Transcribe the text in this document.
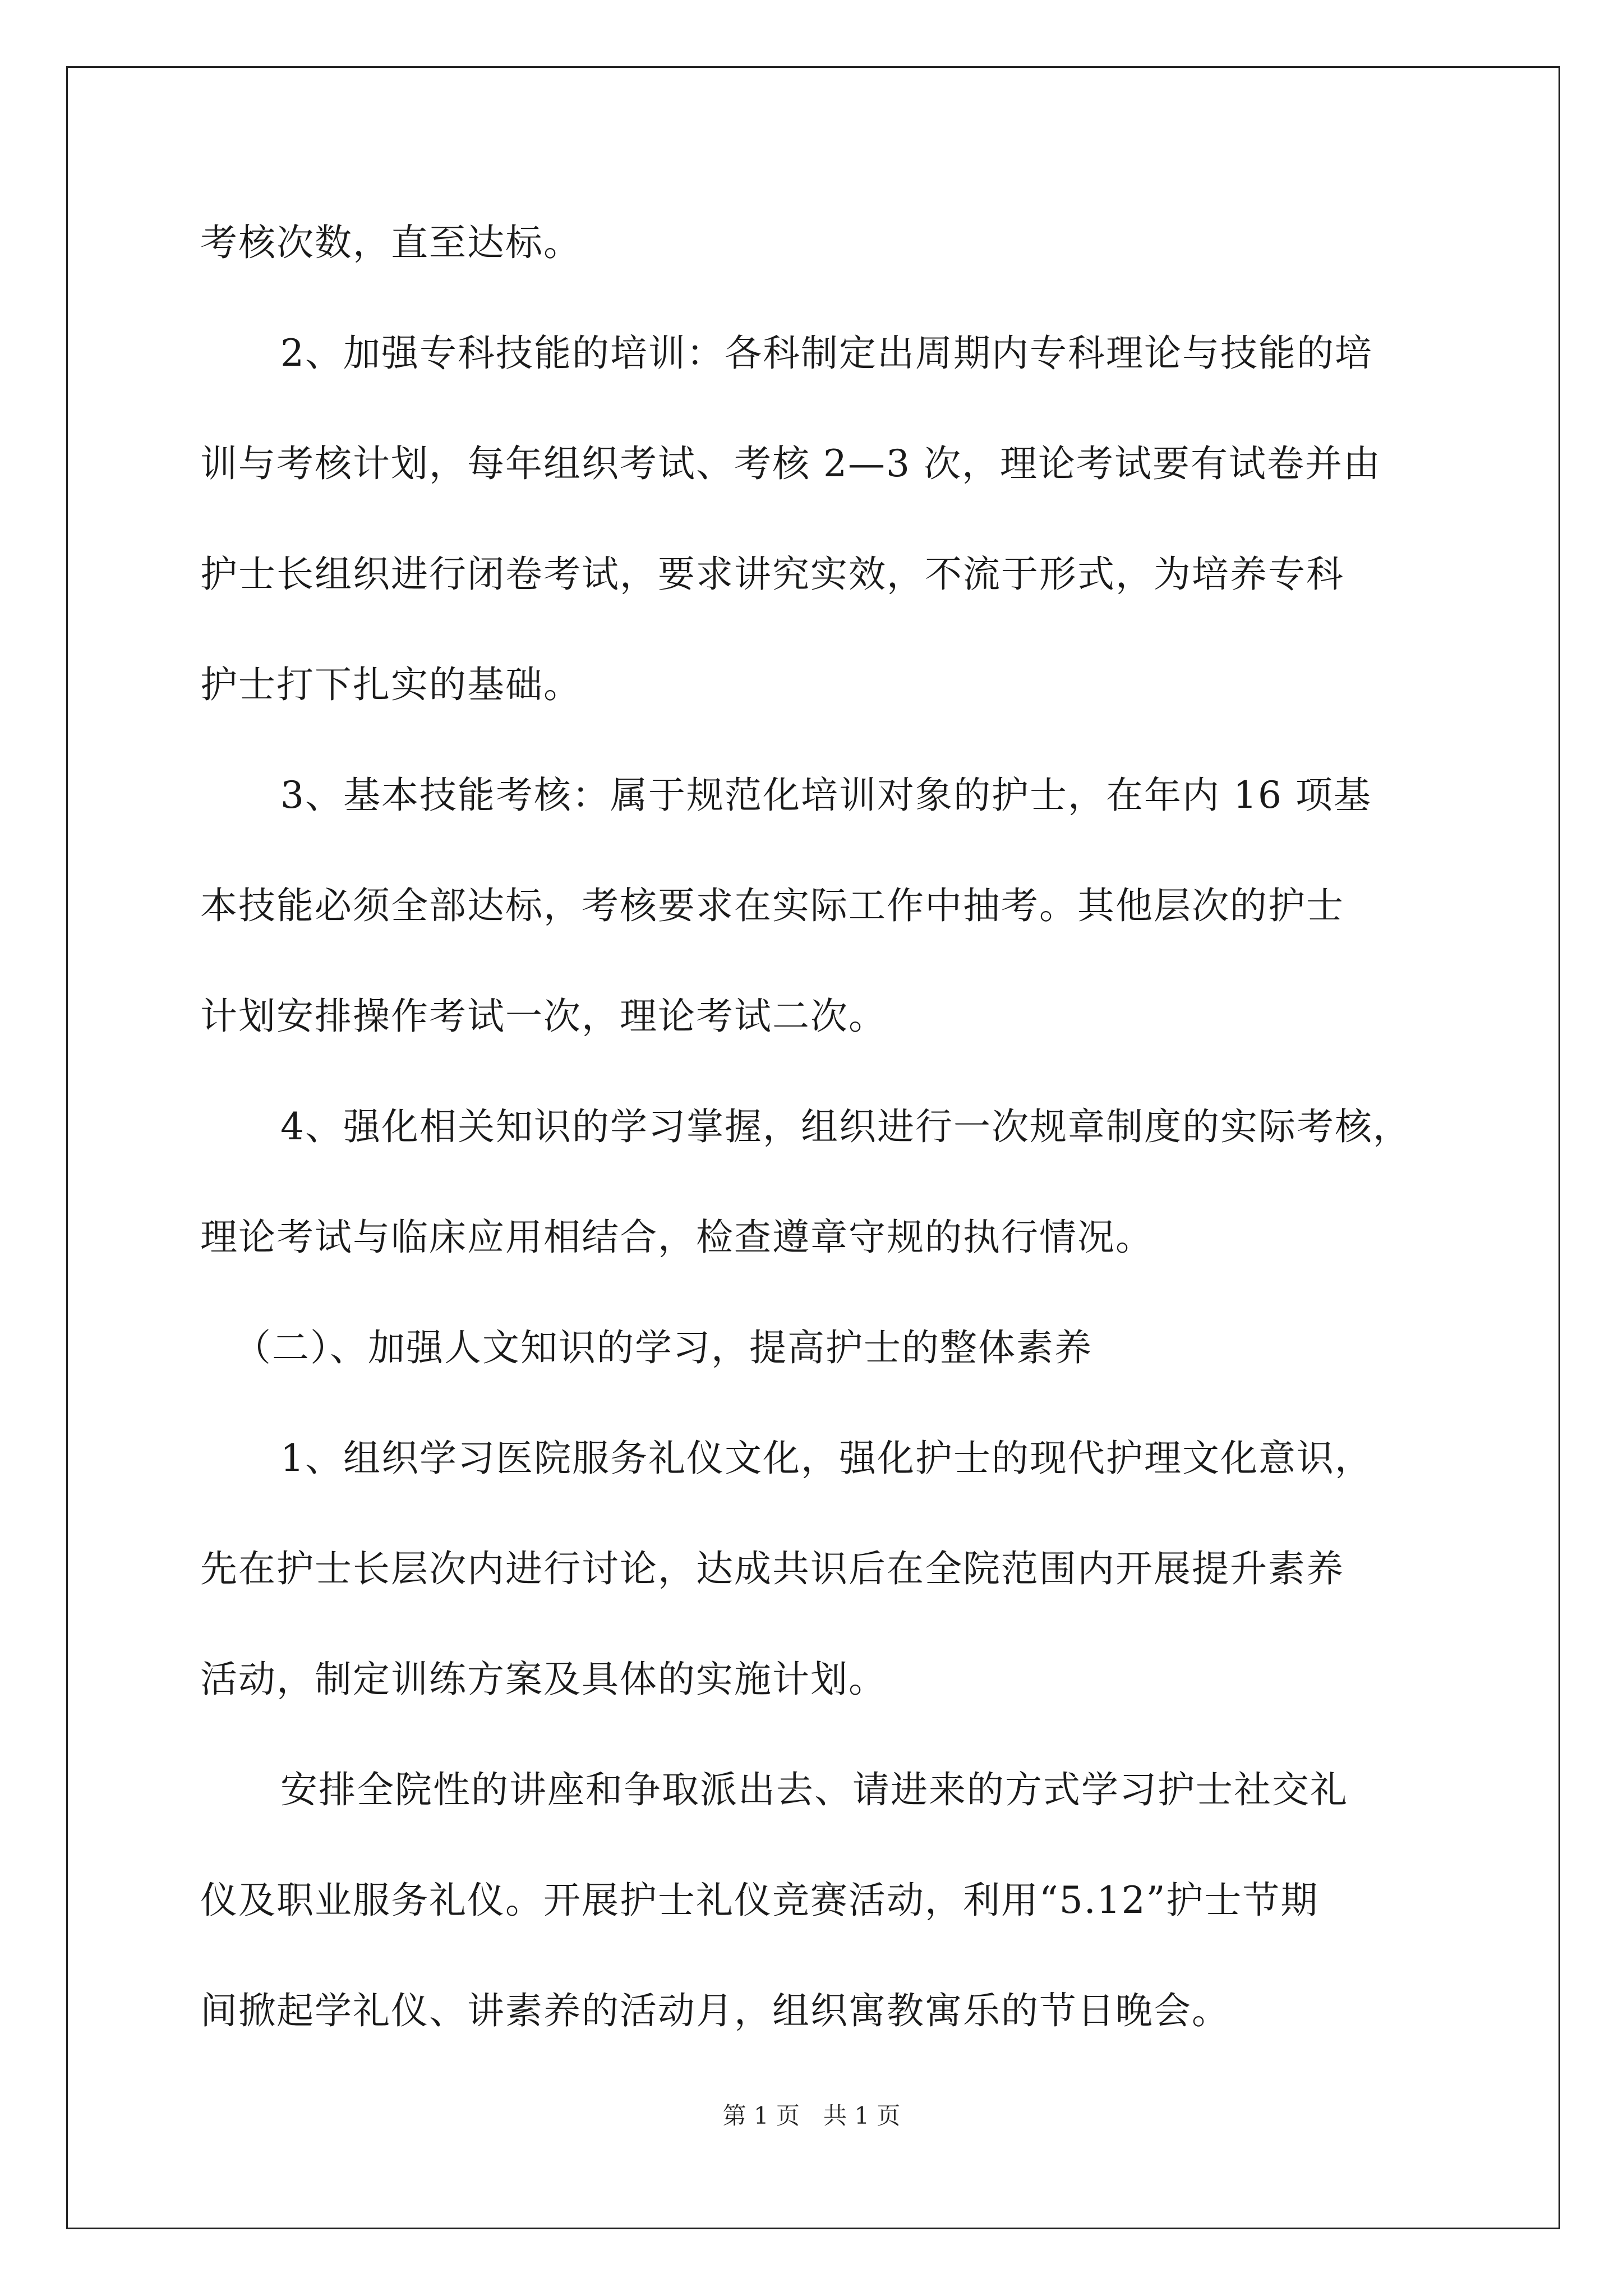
考核次数，直至达标。
2、加强专科技能的培训：各科制定出周期内专科理论与技能的培
训与考核计划，每年组织考试、考核 2—3 次，理论考试要有试卷并由
护士长组织进行闭卷考试，要求讲究实效，不流于形式，为培养专科
护士打下扎实的基础。
3、基本技能考核：属于规范化培训对象的护士，在年内 16 项基
本技能必须全部达标，考核要求在实际工作中抽考。其他层次的护士
计划安排操作考试一次，理论考试二次。
4、强化相关知识的学习掌握，组织进行一次规章制度的实际考核，
理论考试与临床应用相结合，检查遵章守规的执行情况。
（二）、加强人文知识的学习，提高护士的整体素养
1、组织学习医院服务礼仪文化，强化护士的现代护理文化意识，
先在护士长层次内进行讨论，达成共识后在全院范围内开展提升素养
活动，制定训练方案及具体的实施计划。
安排全院性的讲座和争取派出去、请进来的方式学习护士社交礼
仪及职业服务礼仪。开展护士礼仪竞赛活动，利用“5.12”护士节期
间掀起学礼仪、讲素养的活动月，组织寓教寓乐的节日晚会。
第 1 页　共 1 页
